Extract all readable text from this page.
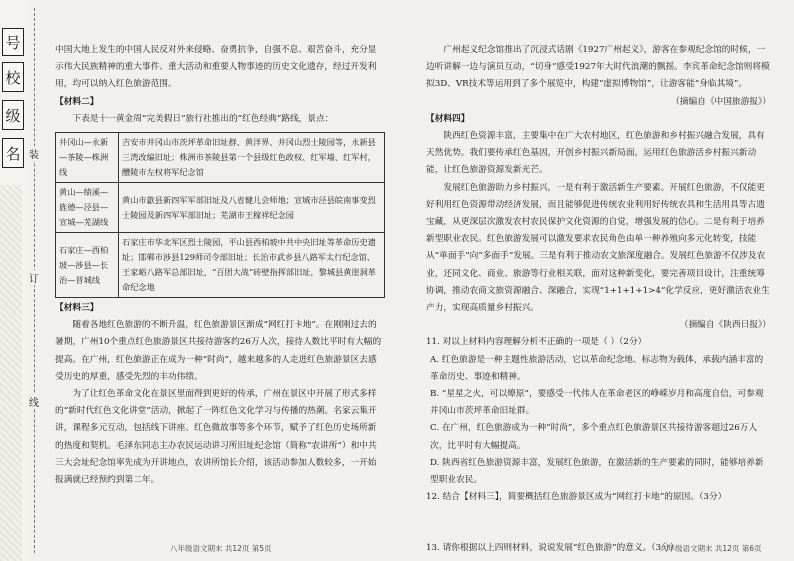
号
校
级
名 装
订
线

中国大地上发生的中国人民反对外来侵略、奋勇抗争，自强不息、艰苦奋斗，充分显示伟大民族精神的重大事件、重大活动和重要人物事迹的历史文化遗存，经过开发利用，均可以纳入红色旅游范围。

【材料二】

下表是十一黄金周“完美假日”旅行社推出的“红色经典”路线，景点：

井冈山—永新—茶陵—株洲线	吉安市井冈山市茨坪革命旧址群、黄洋界、井冈山烈士陵园等，永新县三湾改编旧址；株洲市茶陵县第一个县级红色政权、红军墙、红军村，醴陵市左权将军纪念馆
黄山—绩溪—旌德—泾县—宣城—芜湖线	黄山市歙县新四军军部旧址及八省健儿会师地；宣城市泾县皖南事变烈士陵园及新四军军部旧址；芜湖市王稼祥纪念园
石家庄—西柏坡—涉县—长治—晋城线	石家庄市华北军区烈士陵园，平山县西柏坡中共中央旧址等革命历史遗址；邯郸市涉县129师司令部旧址；长治市武乡县八路军太行纪念馆、王家峪八路军总部旧址，“百团大战”砖壁指挥部旧址，黎城县黄崖洞革命纪念地

【材料三】

随着各地红色旅游的不断升温，红色旅游景区渐成“网红打卡地”。在刚刚过去的暑期，广州10个重点红色旅游景区共接待游客约26万人次，接待人数比平时有大幅的提高。在广州，红色旅游正在成为一种“时尚”，越来越多的人走进红色旅游景区去感受历史的厚重，感受先烈的丰功伟绩。

为了让红色革命文化在景区里面得到更好的传承，广州在景区中开展了形式多样的“新时代红色文化讲堂”活动，掀起了一阵红色文化学习与传播的热潮。名家云集开讲，课程多元互动，包括线下讲座、红色微故事等多个环节，赋予了红色历史场所新的热度和契机。毛泽东同志主办农民运动讲习所旧址纪念馆（简称“农讲所”）和中共三大会址纪念馆率先成为开讲地点，农讲所馆长介绍，该活动参加人数较多，一开始报满就已经预约到第二年。

广州起义纪念馆推出了沉浸式话剧《1927广州起义》，游客在参观纪念馆的时候，一边听讲解一边与演员互动，“切身”感受1927年大时代浪潮的飘摇。李宾革命纪念馆则将模拟3D、VR技术等运用到了多个展览中，构建“虚拟博物馆”，让游客能“身临其境”。

（摘编自《中国旅游报》）

【材料四】

陕西红色资源丰富，主要集中在广大农村地区，红色旅游和乡村振兴融合发展，具有天然优势。我们要传承红色基因，开创乡村振兴新局面，运用红色旅游活乡村振兴新动能，让红色旅游资源发新光芒。

发展红色旅游助力乡村振兴，一是有利于激活新生产要素。开展红色旅游，不仅能更好利用红色资源带动经济发展，而且能够促进传统农业利用好传统农具和生活用具等古遗宝藏，从更深层次激发农村农民保护文化资源的自觉，增强发展的信心。二是有利于培养新型职业农民。红色旅游发展可以激发要求农民角色由单一种养殖向多元化转变，技能从“单面手”向“多面手”发展。三是有利于推动农文旅深度融合。发展红色旅游不仅涉及农业，还同文化、商业、旅游等行业相关联，面对这种新变化，要完善项目设计，注重统筹协调，推动农商文旅资源融合、深融合，实现“1+1+1+1>4”化学反应，更好激活农业生产力，实现高质量乡村振兴。

（摘编自《陕西日报》）

11. 对以上材料内容理解分析不正确的一项是（ ）（2分）

A. 红色旅游是一种主题性旅游活动，它以革命纪念地、标志物为载体，承载内涵丰富的革命历史、事迹和精神。

B. “星星之火，可以燎原”，要感受一代伟人在革命老区的峥嵘岁月和高度自信，可参观井冈山市茨坪革命旧址群。

C. 在广州，红色旅游成为一种“时尚”，多个重点红色旅游景区共接待游客超过26万人次，比平时有大幅提高。

D. 陕西省红色旅游资源丰富，发展红色旅游，在激活新的生产要素的同时，能够培养新型职业农民。

12. 结合【材料三】，简要概括红色旅游景区成为“网红打卡地”的原因。（3分）

13. 请你根据以上四则材料，说说发展“红色旅游”的意义。（3分）

八年级语文期末 共12页 第5页	八年级语文期末 共12页 第6页
